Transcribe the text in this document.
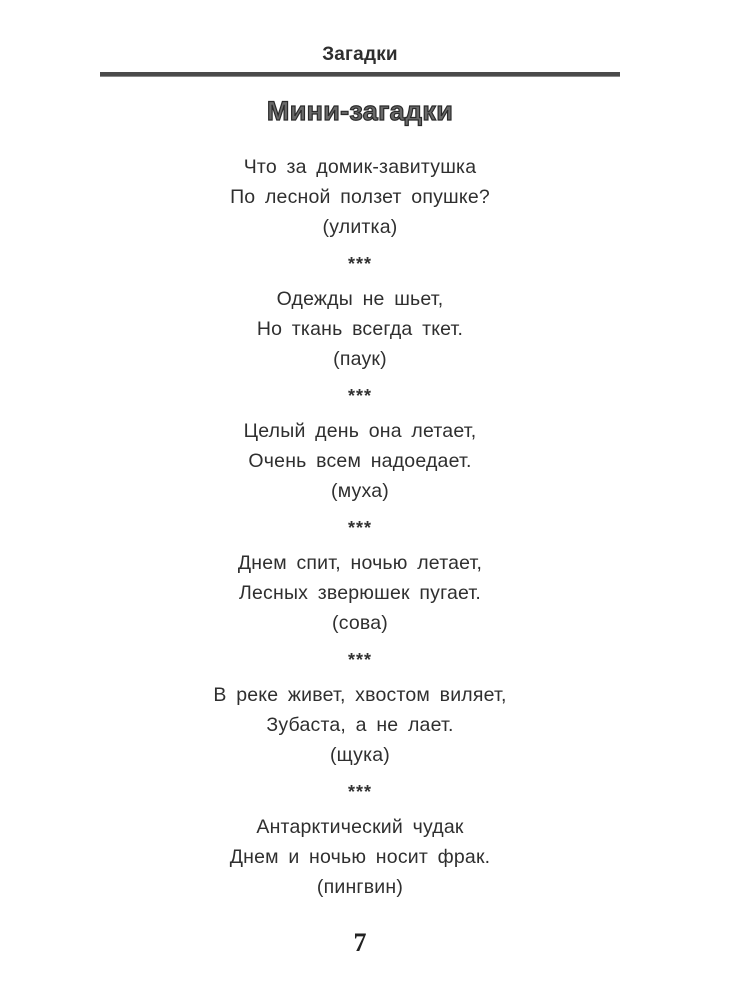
Загадки
Мини-загадки
Что за домик-завитушка
По лесной ползет опушке?
(улитка)
***
Одежды не шьет,
Но ткань всегда ткет.
(паук)
***
Целый день она летает,
Очень всем надоедает.
(муха)
***
Днем спит, ночью летает,
Лесных зверюшек пугает.
(сова)
***
В реке живет, хвостом виляет,
Зубаста, а не лает.
(щука)
***
Антарктический чудак
Днем и ночью носит фрак.
(пингвин)
7
